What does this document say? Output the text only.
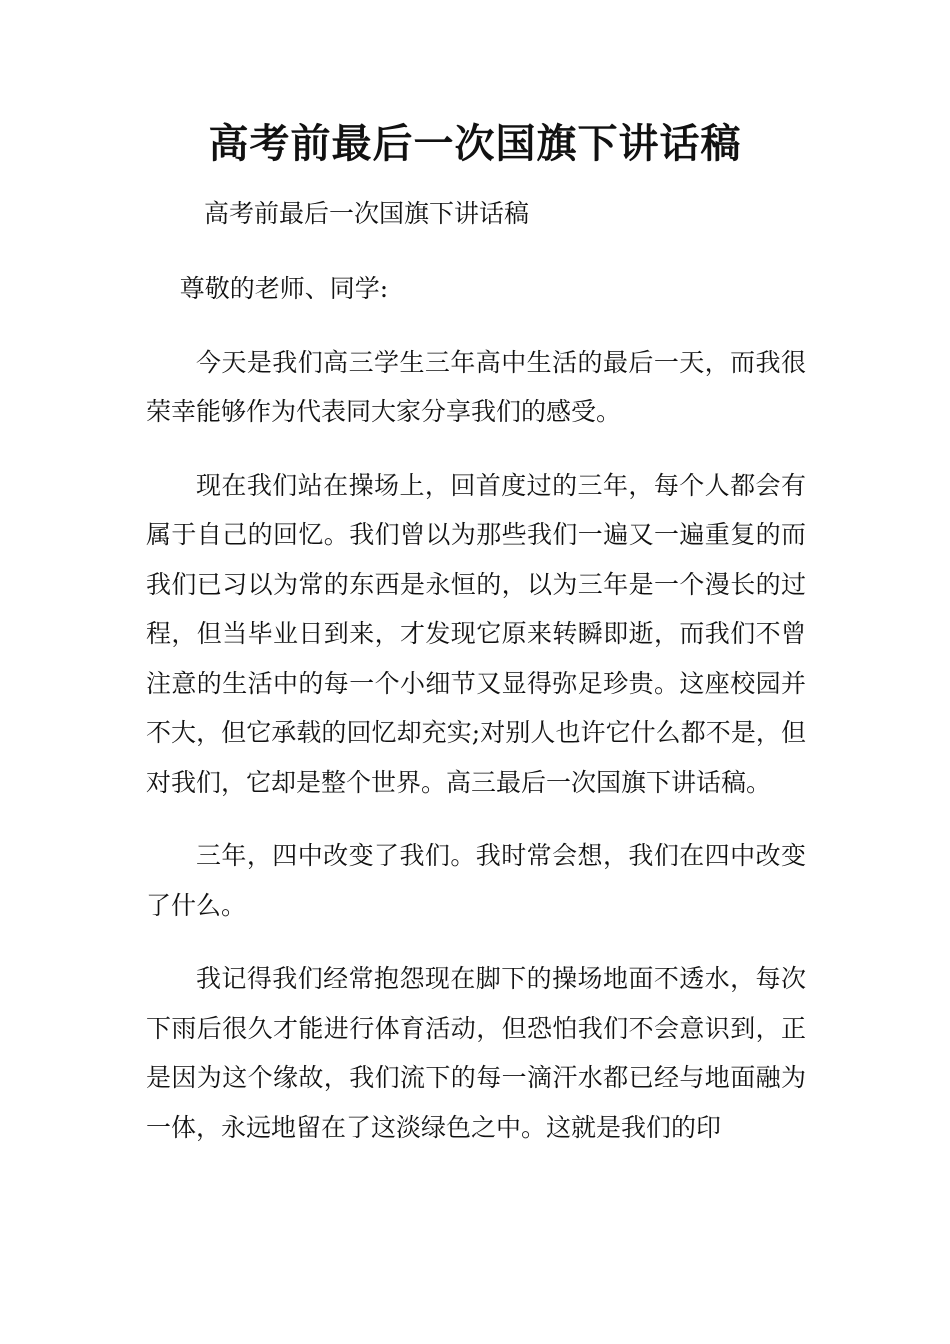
高考前最后一次国旗下讲话稿
高考前最后一次国旗下讲话稿

尊敬的老师、同学:

今天是我们高三学生三年高中生活的最后一天，而我很荣幸能够作为代表同大家分享我们的感受。

现在我们站在操场上，回首度过的三年，每个人都会有属于自己的回忆。我们曾以为那些我们一遍又一遍重复的而我们已习以为常的东西是永恒的，以为三年是一个漫长的过程，但当毕业日到来，才发现它原来转瞬即逝，而我们不曾注意的生活中的每一个小细节又显得弥足珍贵。这座校园并不大，但它承载的回忆却充实;对别人也许它什么都不是，但对我们，它却是整个世界。高三最后一次国旗下讲话稿。

三年，四中改变了我们。我时常会想，我们在四中改变了什么。

我记得我们经常抱怨现在脚下的操场地面不透水，每次下雨后很久才能进行体育活动，但恐怕我们不会意识到，正是因为这个缘故，我们流下的每一滴汗水都已经与地面融为一体，永远地留在了这淡绿色之中。这就是我们的印
